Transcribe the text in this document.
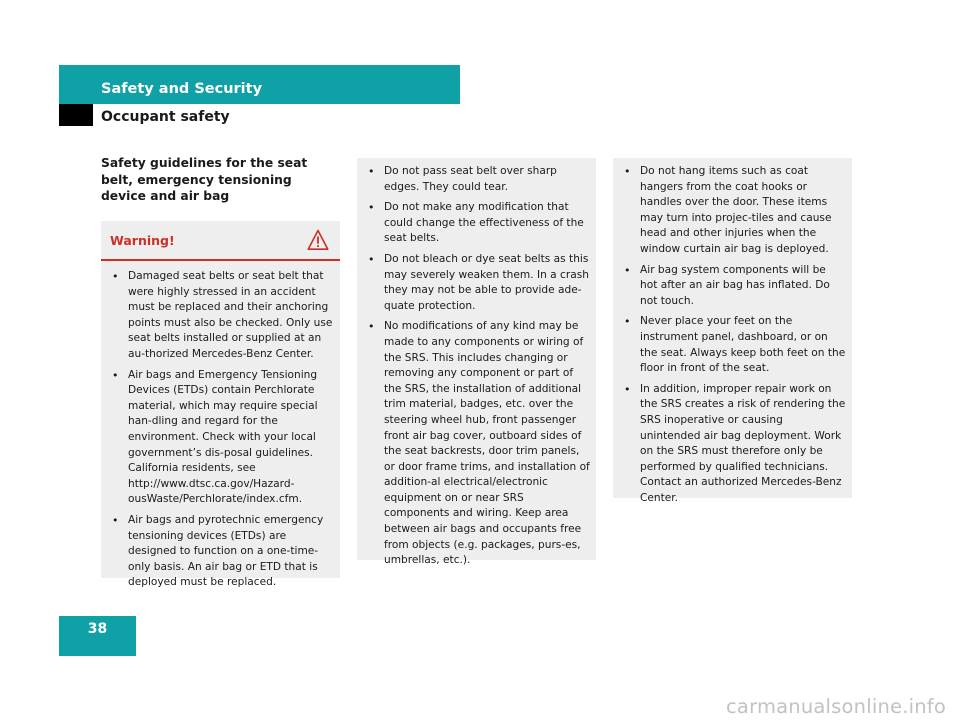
Safety and Security
Occupant safety
Safety guidelines for the seat belt, emergency tensioning device and air bag
Warning!
• Damaged seat belts or seat belt that were highly stressed in an accident must be replaced and their anchoring points must also be checked. Only use seat belts installed or supplied at an au-thorized Mercedes-Benz Center.
• Air bags and Emergency Tensioning Devices (ETDs) contain Perchlorate material, which may require special han-dling and regard for the environment. Check with your local government’s dis-posal guidelines. California residents, see http://www.dtsc.ca.gov/Hazard-ousWaste/Perchlorate/index.cfm.
• Air bags and pyrotechnic emergency tensioning devices (ETDs) are designed to function on a one-time-only basis. An air bag or ETD that is deployed must be replaced.
• Do not pass seat belt over sharp edges. They could tear.
• Do not make any modification that could change the effectiveness of the seat belts.
• Do not bleach or dye seat belts as this may severely weaken them. In a crash they may not be able to provide ade-quate protection.
• No modifications of any kind may be made to any components or wiring of the SRS. This includes changing or removing any component or part of the SRS, the installation of additional trim material, badges, etc. over the steering wheel hub, front passenger front air bag cover, outboard sides of the seat backrests, door trim panels, or door frame trims, and installation of addition-al electrical/electronic equipment on or near SRS components and wiring. Keep area between air bags and occupants free from objects (e.g. packages, purs-es, umbrellas, etc.).
• Do not hang items such as coat hangers from the coat hooks or handles over the door. These items may turn into projec-tiles and cause head and other injuries when the window curtain air bag is deployed.
• Air bag system components will be hot after an air bag has inflated. Do not touch.
• Never place your feet on the instrument panel, dashboard, or on the seat. Always keep both feet on the floor in front of the seat.
• In addition, improper repair work on the SRS creates a risk of rendering the SRS inoperative or causing unintended air bag deployment. Work on the SRS must therefore only be performed by qualified technicians. Contact an authorized Mercedes-Benz Center.
38
carmanualsonline.info
